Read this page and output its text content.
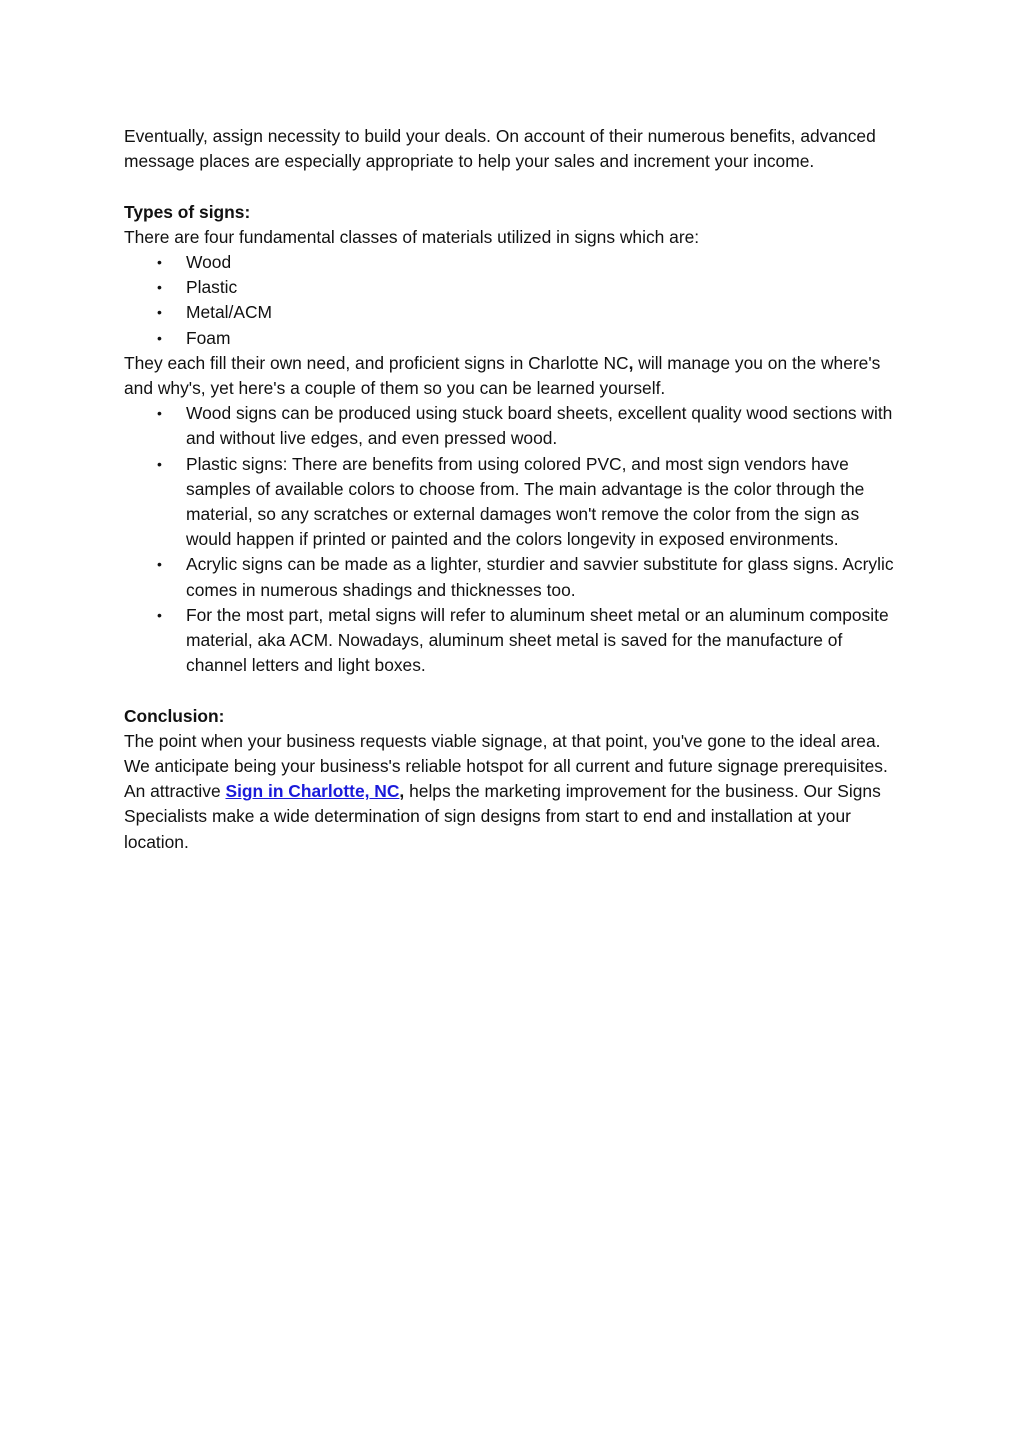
Eventually, assign necessity to build your deals. On account of their numerous benefits, advanced message places are especially appropriate to help your sales and increment your income.

Types of signs:

There are four fundamental classes of materials utilized in signs which are:

• Wood
• Plastic
• Metal/ACM
• Foam

They each fill their own need, and proficient signs in Charlotte NC, will manage you on the where's and why's, yet here's a couple of them so you can be learned yourself.

• Wood signs can be produced using stuck board sheets, excellent quality wood sections with and without live edges, and even pressed wood.
• Plastic signs: There are benefits from using colored PVC, and most sign vendors have samples of available colors to choose from. The main advantage is the color through the material, so any scratches or external damages won't remove the color from the sign as would happen if printed or painted and the colors longevity in exposed environments.
• Acrylic signs can be made as a lighter, sturdier and savvier substitute for glass signs. Acrylic comes in numerous shadings and thicknesses too.
• For the most part, metal signs will refer to aluminum sheet metal or an aluminum composite material, aka ACM. Nowadays, aluminum sheet metal is saved for the manufacture of channel letters and light boxes.

Conclusion:

The point when your business requests viable signage, at that point, you've gone to the ideal area. We anticipate being your business's reliable hotspot for all current and future signage prerequisites.

An attractive Sign in Charlotte, NC, helps the marketing improvement for the business. Our Signs Specialists make a wide determination of sign designs from start to end and installation at your location.
